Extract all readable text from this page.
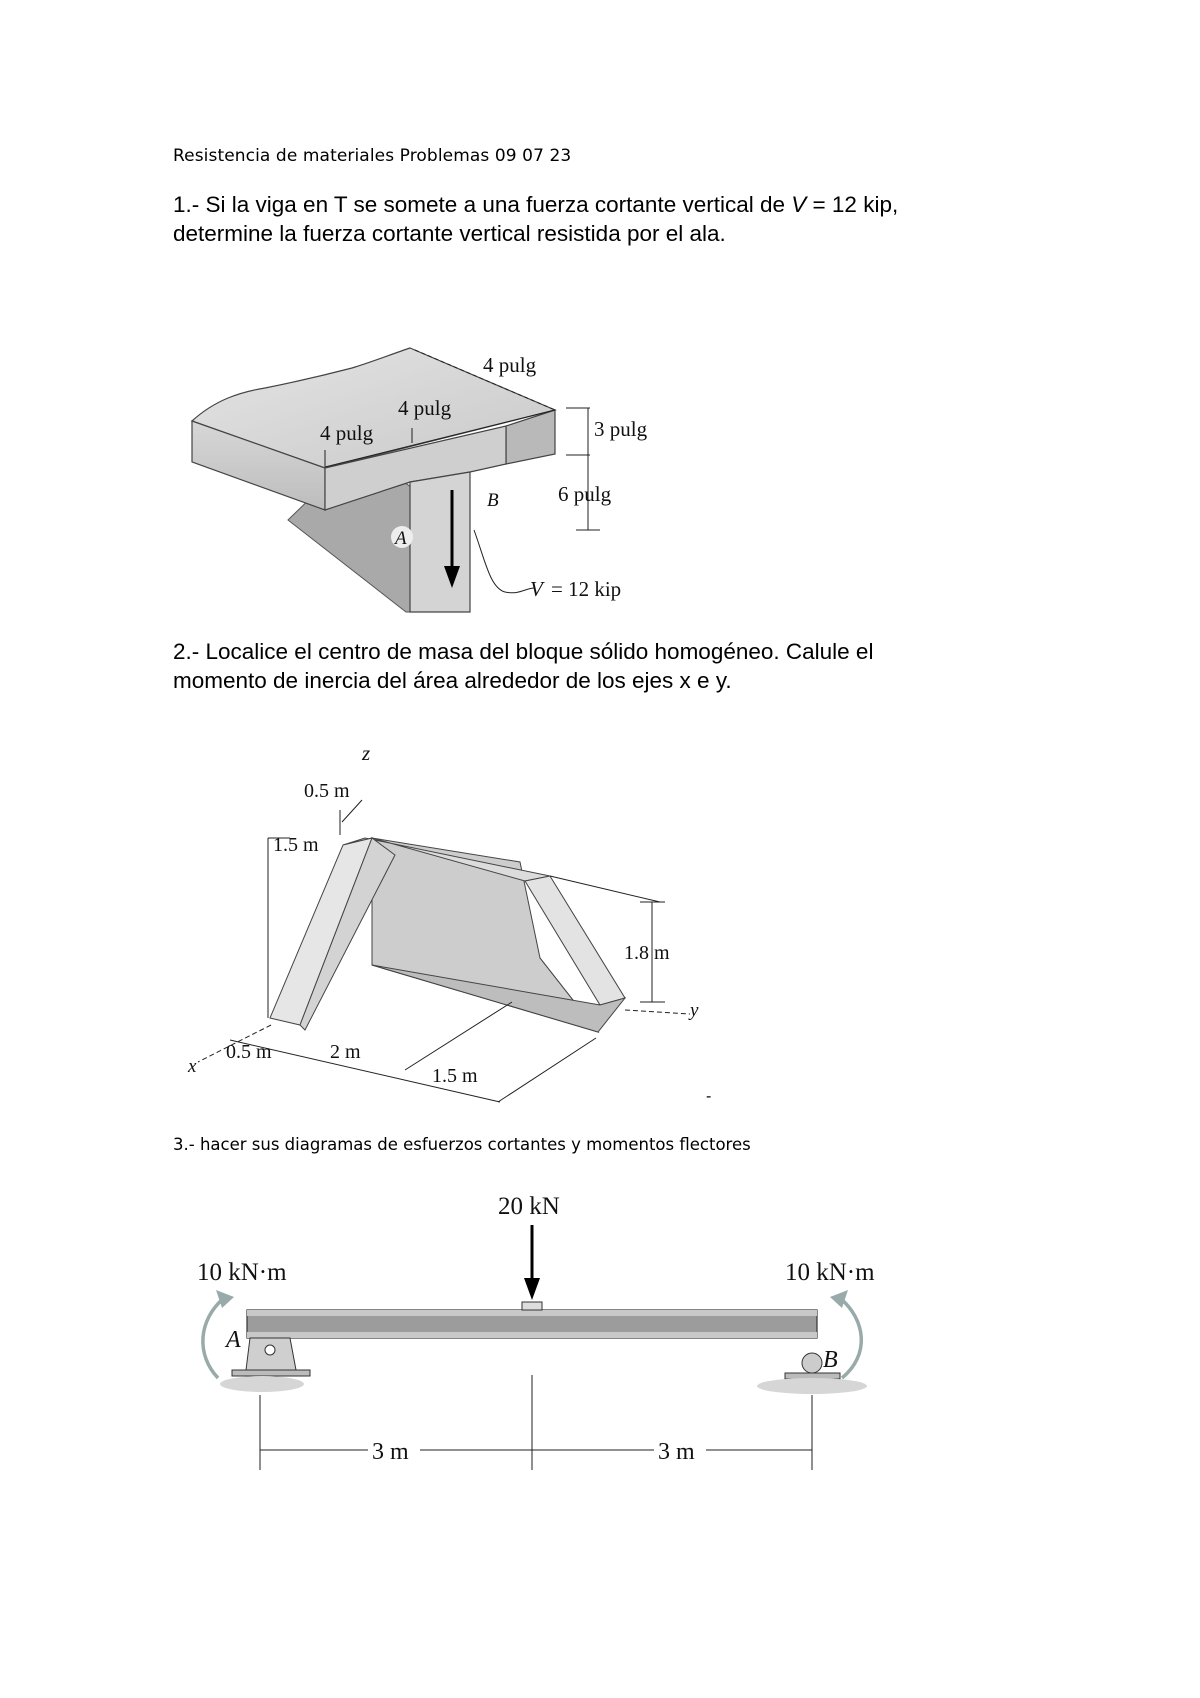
Resistencia de materiales Problemas 09 07 23
1.- Si la viga en T se somete a una fuerza cortante vertical de V = 12 kip,
determine la fuerza cortante vertical resistida por el ala.
4 pulg
4 pulg
4 pulg	3 pulg
6 pulg
A
B
V = 12 kip
2.- Localice el centro de masa del bloque sólido homogéneo. Calule el
momento de inercia del área alrededor de los ejes x e y.
z
x
y
0.5 m
1.5 m
1.8 m
0.5 m	2 m
1.5 m
-
3.- hacer sus diagramas de esfuerzos cortantes y momentos flectores
20 kN
10 kN·m	10 kN·m
A
B
3 m	3 m
